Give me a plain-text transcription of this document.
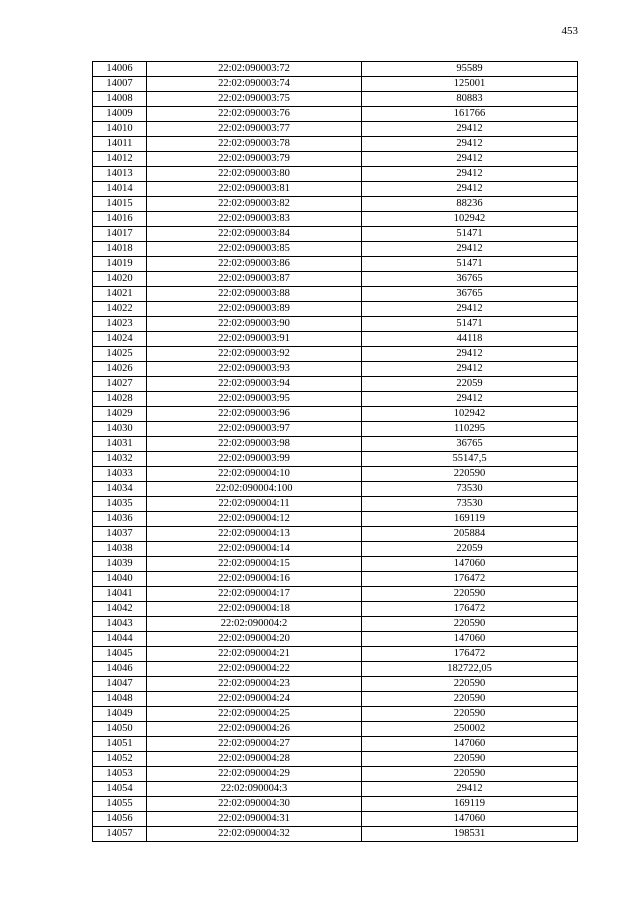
453
14006	22:02:090003:72	95589
14007	22:02:090003:74	125001
14008	22:02:090003:75	80883
14009	22:02:090003:76	161766
14010	22:02:090003:77	29412
14011	22:02:090003:78	29412
14012	22:02:090003:79	29412
14013	22:02:090003:80	29412
14014	22:02:090003:81	29412
14015	22:02:090003:82	88236
14016	22:02:090003:83	102942
14017	22:02:090003:84	51471
14018	22:02:090003:85	29412
14019	22:02:090003:86	51471
14020	22:02:090003:87	36765
14021	22:02:090003:88	36765
14022	22:02:090003:89	29412
14023	22:02:090003:90	51471
14024	22:02:090003:91	44118
14025	22:02:090003:92	29412
14026	22:02:090003:93	29412
14027	22:02:090003:94	22059
14028	22:02:090003:95	29412
14029	22:02:090003:96	102942
14030	22:02:090003:97	110295
14031	22:02:090003:98	36765
14032	22:02:090003:99	55147,5
14033	22:02:090004:10	220590
14034	22:02:090004:100	73530
14035	22:02:090004:11	73530
14036	22:02:090004:12	169119
14037	22:02:090004:13	205884
14038	22:02:090004:14	22059
14039	22:02:090004:15	147060
14040	22:02:090004:16	176472
14041	22:02:090004:17	220590
14042	22:02:090004:18	176472
14043	22:02:090004:2	220590
14044	22:02:090004:20	147060
14045	22:02:090004:21	176472
14046	22:02:090004:22	182722,05
14047	22:02:090004:23	220590
14048	22:02:090004:24	220590
14049	22:02:090004:25	220590
14050	22:02:090004:26	250002
14051	22:02:090004:27	147060
14052	22:02:090004:28	220590
14053	22:02:090004:29	220590
14054	22:02:090004:3	29412
14055	22:02:090004:30	169119
14056	22:02:090004:31	147060
14057	22:02:090004:32	198531
